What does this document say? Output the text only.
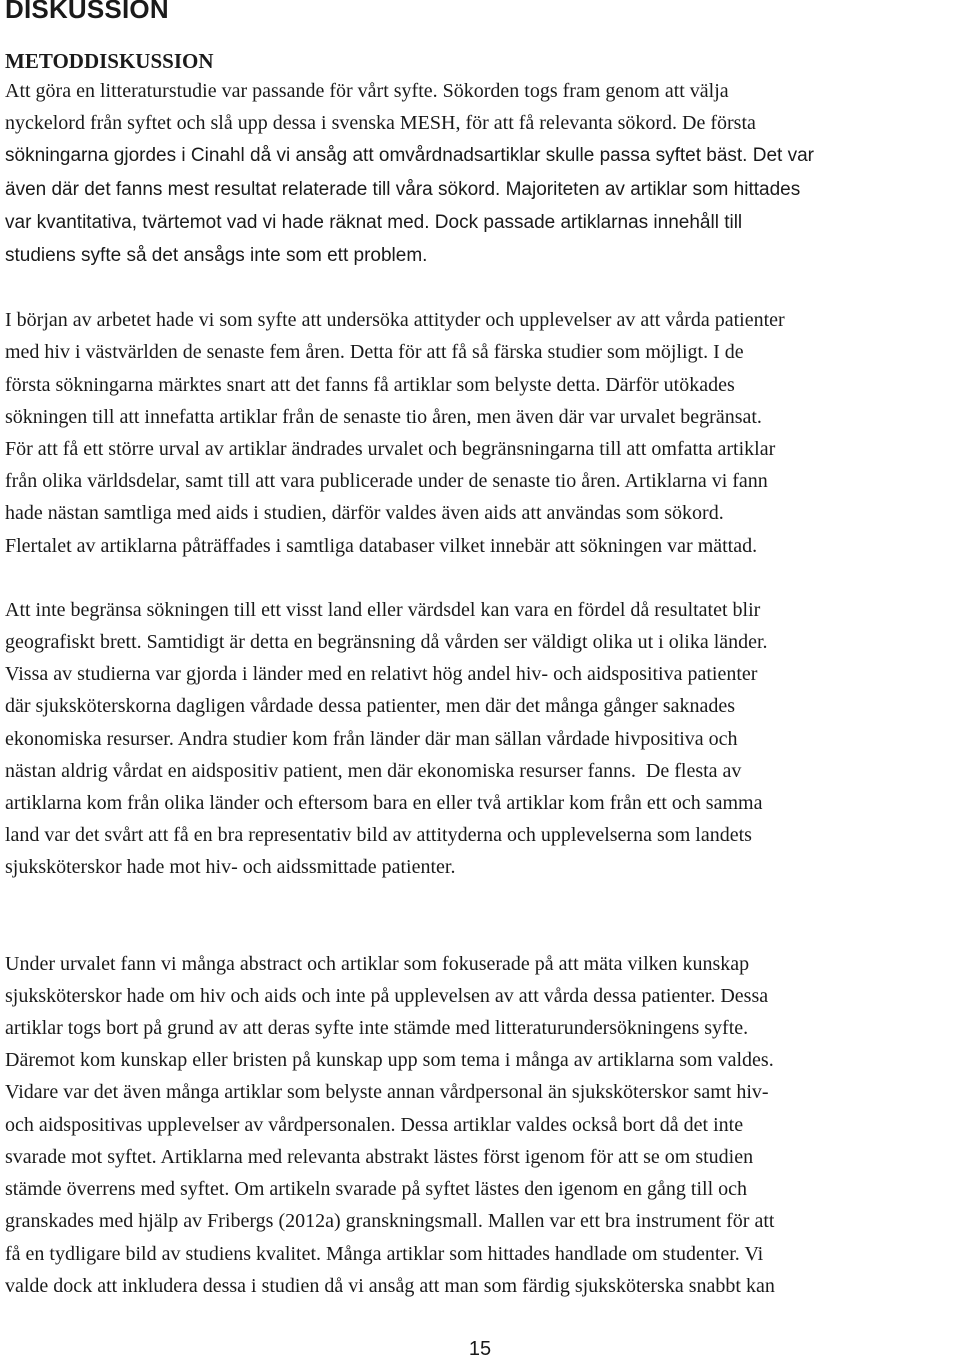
DISKUSSION
METODDISKUSSION

Att göra en litteraturstudie var passande för vårt syfte. Sökorden togs fram genom att välja
nyckelord från syftet och slå upp dessa i svenska MESH, för att få relevanta sökord. De första
sökningarna gjordes i Cinahl då vi ansåg att omvårdnadsartiklar skulle passa syftet bäst. Det var
även där det fanns mest resultat relaterade till våra sökord. Majoriteten av artiklar som hittades
var kvantitativa, tvärtemot vad vi hade räknat med. Dock passade artiklarnas innehåll till
studiens syfte så det ansågs inte som ett problem.

I början av arbetet hade vi som syfte att undersöka attityder och upplevelser av att vårda patienter
med hiv i västvärlden de senaste fem åren. Detta för att få så färska studier som möjligt. I de
första sökningarna märktes snart att det fanns få artiklar som belyste detta. Därför utökades
sökningen till att innefatta artiklar från de senaste tio åren, men även där var urvalet begränsat.
För att få ett större urval av artiklar ändrades urvalet och begränsningarna till att omfatta artiklar
från olika världsdelar, samt till att vara publicerade under de senaste tio åren. Artiklarna vi fann
hade nästan samtliga med aids i studien, därför valdes även aids att användas som sökord.
Flertalet av artiklarna påträffades i samtliga databaser vilket innebär att sökningen var mättad.

Att inte begränsa sökningen till ett visst land eller värdsdel kan vara en fördel då resultatet blir
geografiskt brett. Samtidigt är detta en begränsning då vården ser väldigt olika ut i olika länder.
Vissa av studierna var gjorda i länder med en relativt hög andel hiv- och aidspositiva patienter
där sjuksköterskorna dagligen vårdade dessa patienter, men där det många gånger saknades
ekonomiska resurser. Andra studier kom från länder där man sällan vårdade hivpositiva och
nästan aldrig vårdat en aidspositiv patient, men där ekonomiska resurser fanns.  De flesta av
artiklarna kom från olika länder och eftersom bara en eller två artiklar kom från ett och samma
land var det svårt att få en bra representativ bild av attityderna och upplevelserna som landets
sjuksköterskor hade mot hiv- och aidssmittade patienter.

Under urvalet fann vi många abstract och artiklar som fokuserade på att mäta vilken kunskap
sjuksköterskor hade om hiv och aids och inte på upplevelsen av att vårda dessa patienter. Dessa
artiklar togs bort på grund av att deras syfte inte stämde med litteraturundersökningens syfte.
Däremot kom kunskap eller bristen på kunskap upp som tema i många av artiklarna som valdes.
Vidare var det även många artiklar som belyste annan vårdpersonal än sjuksköterskor samt hiv-
och aidspositivas upplevelser av vårdpersonalen. Dessa artiklar valdes också bort då det inte
svarade mot syftet. Artiklarna med relevanta abstrakt lästes först igenom för att se om studien
stämde överrens med syftet. Om artikeln svarade på syftet lästes den igenom en gång till och
granskades med hjälp av Fribergs (2012a) granskningsmall. Mallen var ett bra instrument för att
få en tydligare bild av studiens kvalitet. Många artiklar som hittades handlade om studenter. Vi
valde dock att inkludera dessa i studien då vi ansåg att man som färdig sjuksköterska snabbt kan

15
